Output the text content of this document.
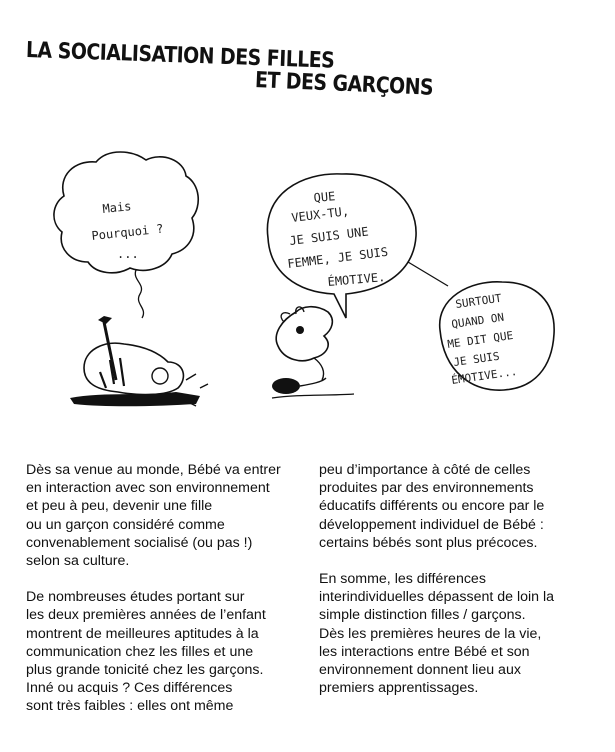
LA SOCIALISATION DES FILLES
ET DES GARÇONS
Mais
Pourquoi ?
...
QUE
VEUX-TU,
JE SUIS UNE
FEMME, JE SUIS
ÉMOTIVE.
SURTOUT
QUAND ON
ME DIT QUE
JE SUIS
ÉMOTIVE...

Dès sa venue au monde, Bébé va entrer
en interaction avec son environnement
et peu à peu, devenir une fille
ou un garçon considéré comme
convenablement socialisé (ou pas !)
selon sa culture.

De nombreuses études portant sur
les deux premières années de l’enfant
montrent de meilleures aptitudes à la
communication chez les filles et une
plus grande tonicité chez les garçons.
Inné ou acquis ? Ces différences
sont très faibles : elles ont même

peu d’importance à côté de celles
produites par des environnements
éducatifs différents ou encore par le
développement individuel de Bébé :
certains bébés sont plus précoces.

En somme, les différences
interindividuelles dépassent de loin la
simple distinction filles / garçons.
Dès les premières heures de la vie,
les interactions entre Bébé et son
environnement donnent lieu aux
premiers apprentissages.
